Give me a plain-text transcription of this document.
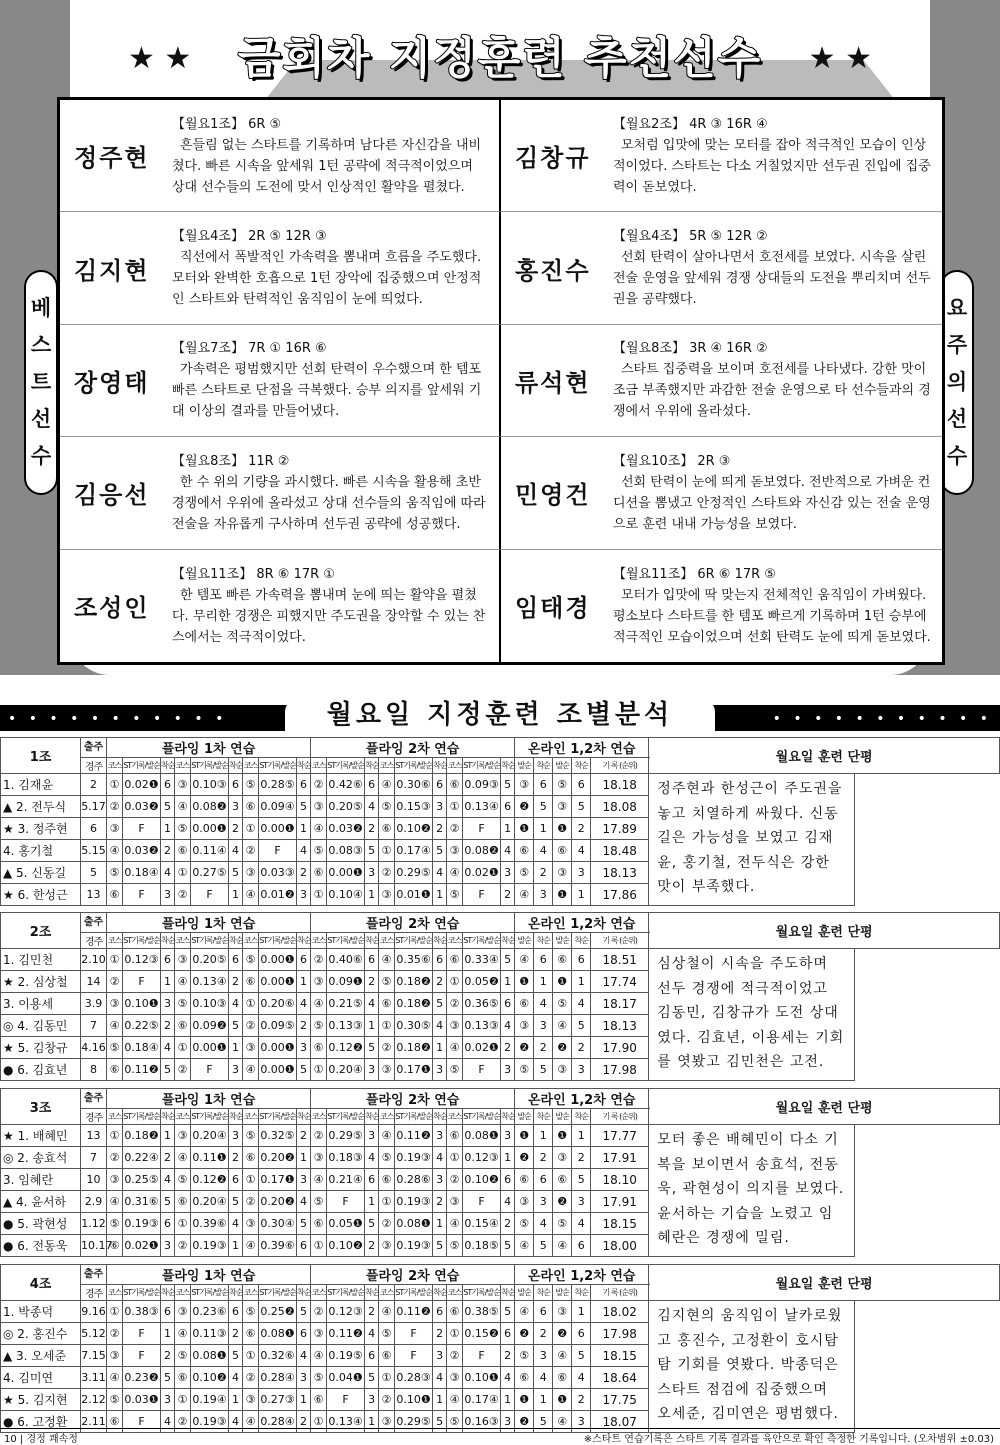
★ ★	금회차 지정훈련 추천선수	★ ★
베
스
트
선
수
요
주
의
선
수
정주현
【월요1조】 6R ⑤
흔들림 없는 스타트를 기록하며 남다른 자신감을 내비쳤다. 빠른 시속을 앞세워 1턴 공략에 적극적이었으며 상대 선수들의 도전에 맞서 인상적인 활약을 펼쳤다.
김창규
【월요2조】 4R ③ 16R ④
모처럼 입맛에 맞는 모터를 잡아 적극적인 모습이 인상적이었다. 스타트는 다소 거칠었지만 선두권 진입에 집중력이 돋보였다.
김지현
【월요4조】 2R ⑤ 12R ③
직선에서 폭발적인 가속력을 뽐내며 흐름을 주도했다. 모터와 완벽한 호흡으로 1턴 장악에 집중했으며 안정적인 스타트와 탄력적인 움직임이 눈에 띄었다.
홍진수
【월요4조】 5R ⑤ 12R ②
선회 탄력이 살아나면서 호전세를 보였다. 시속을 살린 전술 운영을 앞세워 경쟁 상대들의 도전을 뿌리치며 선두권을 공략했다.
장영태
【월요7조】 7R ① 16R ⑥
가속력은 평범했지만 선회 탄력이 우수했으며 한 템포 빠른 스타트로 단점을 극복했다. 승부 의지를 앞세워 기대 이상의 결과를 만들어냈다.
류석현
【월요8조】 3R ④ 16R ②
스타트 집중력을 보이며 호전세를 나타냈다. 강한 맛이 조금 부족했지만 과감한 전술 운영으로 타 선수들과의 경쟁에서 우위에 올라섰다.
김응선
【월요8조】 11R ②
한 수 위의 기량을 과시했다. 빠른 시속을 활용해 초반 경쟁에서 우위에 올라섰고 상대 선수들의 움직임에 따라 전술을 자유롭게 구사하며 선두권 공략에 성공했다.
민영건
【월요10조】 2R ③
선회 탄력이 눈에 띄게 돋보였다. 전반적으로 가벼운 컨디션을 뽐냈고 안정적인 스타트와 자신감 있는 전술 운영으로 훈련 내내 가능성을 보였다.
조성인
【월요11조】 8R ⑥ 17R ①
한 템포 빠른 가속력을 뽐내며 눈에 띄는 활약을 펼쳤다. 무리한 경쟁은 피했지만 주도권을 장악할 수 있는 찬스에서는 적극적이었다.
임태경
【월요11조】 6R ⑥ 17R ⑤
모터가 입맛에 딱 맞는지 전체적인 움직임이 가벼웠다. 평소보다 스타트를 한 템포 빠르게 기록하며 1턴 승부에 적극적인 모습이었으며 선회 탄력도 눈에 띄게 돋보였다.
• • • • • • • • • • •	• • • • • • • • • • •
월요일 지정훈련 조별분석
1조	출주	플라잉 1차 연습									플라잉 2차 연습									온라인 1,2차 연습					월요일 훈련 단평
	경주	코스	ST기록/발순	착순	코스	ST기록/발순	착순	코스	ST기록/발순	착순	코스	ST기록/발순	착순	코스	ST기록/발순	착순	코스	ST기록/발순	착순	발순	착순	발순	착순	기 록 (순위)	
1. 김재윤	2	①	0.02❶	6	③	0.10③	6	⑤	0.28⑤	6	②	0.42⑥	6	④	0.30⑥	6	⑥	0.09③	5	③	6	⑤	6	18.18		정주현과 한성근이 주도권을 놓고 치열하게 싸웠다. 신동길은 가능성을 보였고 김재윤, 홍기철, 전두식은 강한 맛이 부족했다.
▲ 2. 전두식	5.17	②	0.03❷	5	④	0.08❷	3	⑥	0.09④	5	③	0.20⑤	4	⑤	0.15③	3	①	0.13④	6	❷	5	③	5	18.08	
★ 3. 정주현	6	③	F	1	⑤	0.00❶	2	①	0.00❶	1	④	0.03❷	2	⑥	0.10❷	2	②	F	1	❶	1	❶	2	17.89	
4. 홍기철	5.15	④	0.03❷	2	⑥	0.11④	4	②	F	4	⑤	0.08③	5	①	0.17④	5	③	0.08❷	4	⑥	4	⑥	4	18.48	
▲ 5. 신동길	5	⑤	0.18④	4	①	0.27⑤	5	③	0.03③	2	⑥	0.00❶	3	②	0.29⑤	4	④	0.02❶	3	⑤	2	③	3	18.13	
★ 6. 한성근	13	⑥	F	3	②	F	1	④	0.01❷	3	①	0.10④	1	③	0.01❶	1	⑤	F	2	④	3	❶	1	17.86	
2조	출주	플라잉 1차 연습									플라잉 2차 연습									온라인 1,2차 연습					월요일 훈련 단평
	경주	코스	ST기록/발순	착순	코스	ST기록/발순	착순	코스	ST기록/발순	착순	코스	ST기록/발순	착순	코스	ST기록/발순	착순	코스	ST기록/발순	착순	발순	착순	발순	착순	기 록 (순위)	
1. 김민천	2.10	①	0.12③	6	③	0.20⑤	6	⑤	0.00❶	6	②	0.40⑥	6	④	0.35⑥	6	⑥	0.33④	5	④	6	⑥	6	18.51		심상철이 시속을 주도하며 선두 경쟁에 적극적이었고 김동민, 김창규가 도전 상대였다. 김효년, 이용세는 기회를 엿봤고 김민천은 고전.
★ 2. 심상철	14	②	F	1	④	0.13④	2	⑥	0.00❶	1	③	0.09❶	2	⑤	0.18❷	2	①	0.05❷	1	❶	1	❶	1	17.74	
3. 이용세	3.9	③	0.10❶	3	⑤	0.10③	4	①	0.20⑥	4	④	0.21⑤	4	⑥	0.18❷	5	②	0.36⑤	6	⑥	4	⑤	4	18.17	
◎ 4. 김동민	7	④	0.22⑤	2	⑥	0.09❷	5	②	0.09⑤	2	⑤	0.13③	1	①	0.30⑤	4	③	0.13③	4	③	3	④	5	18.13	
★ 5. 김창규	4.16	⑤	0.18④	4	①	0.00❶	1	③	0.00❶	3	⑥	0.12❷	5	②	0.18❷	1	④	0.02❶	2	❷	2	❷	2	17.90	
● 6. 김효년	8	⑥	0.11❷	5	②	F	3	④	0.00❶	5	①	0.20④	3	③	0.17❶	3	⑤	F	3	⑤	5	③	3	17.98	
3조	출주	플라잉 1차 연습									플라잉 2차 연습									온라인 1,2차 연습					월요일 훈련 단평
	경주	코스	ST기록/발순	착순	코스	ST기록/발순	착순	코스	ST기록/발순	착순	코스	ST기록/발순	착순	코스	ST기록/발순	착순	코스	ST기록/발순	착순	발순	착순	발순	착순	기 록 (순위)	
★ 1. 배혜민	13	①	0.18❷	1	③	0.20④	3	⑤	0.32⑤	2	②	0.29⑤	3	④	0.11❷	3	⑥	0.08❶	3	❶	1	❶	1	17.77		모터 좋은 배혜민이 다소 기복을 보이면서 송효석, 전동욱, 곽현성이 의지를 보였다. 윤서하는 기습을 노렸고 임혜란은 경쟁에 밀림.
◎ 2. 송효석	7	②	0.22④	2	④	0.11❶	2	⑥	0.20❷	1	③	0.18③	4	⑤	0.19③	4	①	0.12③	1	❷	2	③	2	17.91	
3. 임혜란	10	③	0.25⑤	4	⑤	0.12❷	6	①	0.17❶	3	④	0.21④	6	⑥	0.28⑥	3	②	0.10❷	6	⑥	6	⑥	5	18.10	
▲ 4. 윤서하	2.9	④	0.31⑥	5	⑥	0.20④	5	②	0.20❷	4	⑤	F	1	①	0.19③	2	③	F	4	③	3	❷	3	17.91	
● 5. 곽현성	1.12	⑤	0.19③	6	①	0.39⑥	4	③	0.30④	5	⑥	0.05❶	5	②	0.08❶	1	④	0.15④	2	⑤	4	⑤	4	18.15	
● 6. 전동욱	10.17	⑥	0.02❶	3	②	0.19③	1	④	0.39⑥	6	①	0.10❷	2	③	0.19③	5	⑤	0.18⑤	5	④	5	④	6	18.00	
4조	출주	플라잉 1차 연습									플라잉 2차 연습									온라인 1,2차 연습					월요일 훈련 단평
	경주	코스	ST기록/발순	착순	코스	ST기록/발순	착순	코스	ST기록/발순	착순	코스	ST기록/발순	착순	코스	ST기록/발순	착순	코스	ST기록/발순	착순	발순	착순	발순	착순	기 록 (순위)	
1. 박종덕	9.16	①	0.38③	6	③	0.23⑥	6	⑤	0.25❷	5	②	0.12③	2	④	0.11❷	6	⑥	0.38⑤	5	④	6	③	1	18.02		김지현의 움직임이 날카로웠고 홍진수, 고정환이 호시탐탐 기회를 엿봤다. 박종덕은 스타트 점검에 집중했으며 오세준, 김미연은 평범했다.
◎ 2. 홍진수	5.12	②	F	1	④	0.11③	2	⑥	0.08❶	6	③	0.11❷	4	⑤	F	2	①	0.15❷	6	❷	2	❷	6	17.98	
▲ 3. 오세준	7.15	③	F	2	⑤	0.08❶	5	①	0.32⑥	4	④	0.19⑤	6	⑥	F	3	②	F	2	⑤	3	④	5	18.15	
4. 김미연	3.11	④	0.23❷	5	⑥	0.10❷	4	②	0.28④	3	⑤	0.04❶	5	①	0.28③	4	③	0.10❶	4	⑥	4	⑥	4	18.64	
★ 5. 김지현	2.12	⑤	0.03❶	3	①	0.19④	1	③	0.27③	1	⑥	F	3	②	0.10❶	1	④	0.17④	1	❶	1	❶	2	17.75	
● 6. 고정환	2.11	⑥	F	4	②	0.19③	4	④	0.28④	2	①	0.13④	1	③	0.29⑤	5	⑤	0.16③	3	❷	5	④	3	18.07	
10 | 경정 쾌속정	※스타트 연습기록은 스타트 기록 결과를 육안으로 확인 측정한 기록입니다. (오차범위 ±0.03)
